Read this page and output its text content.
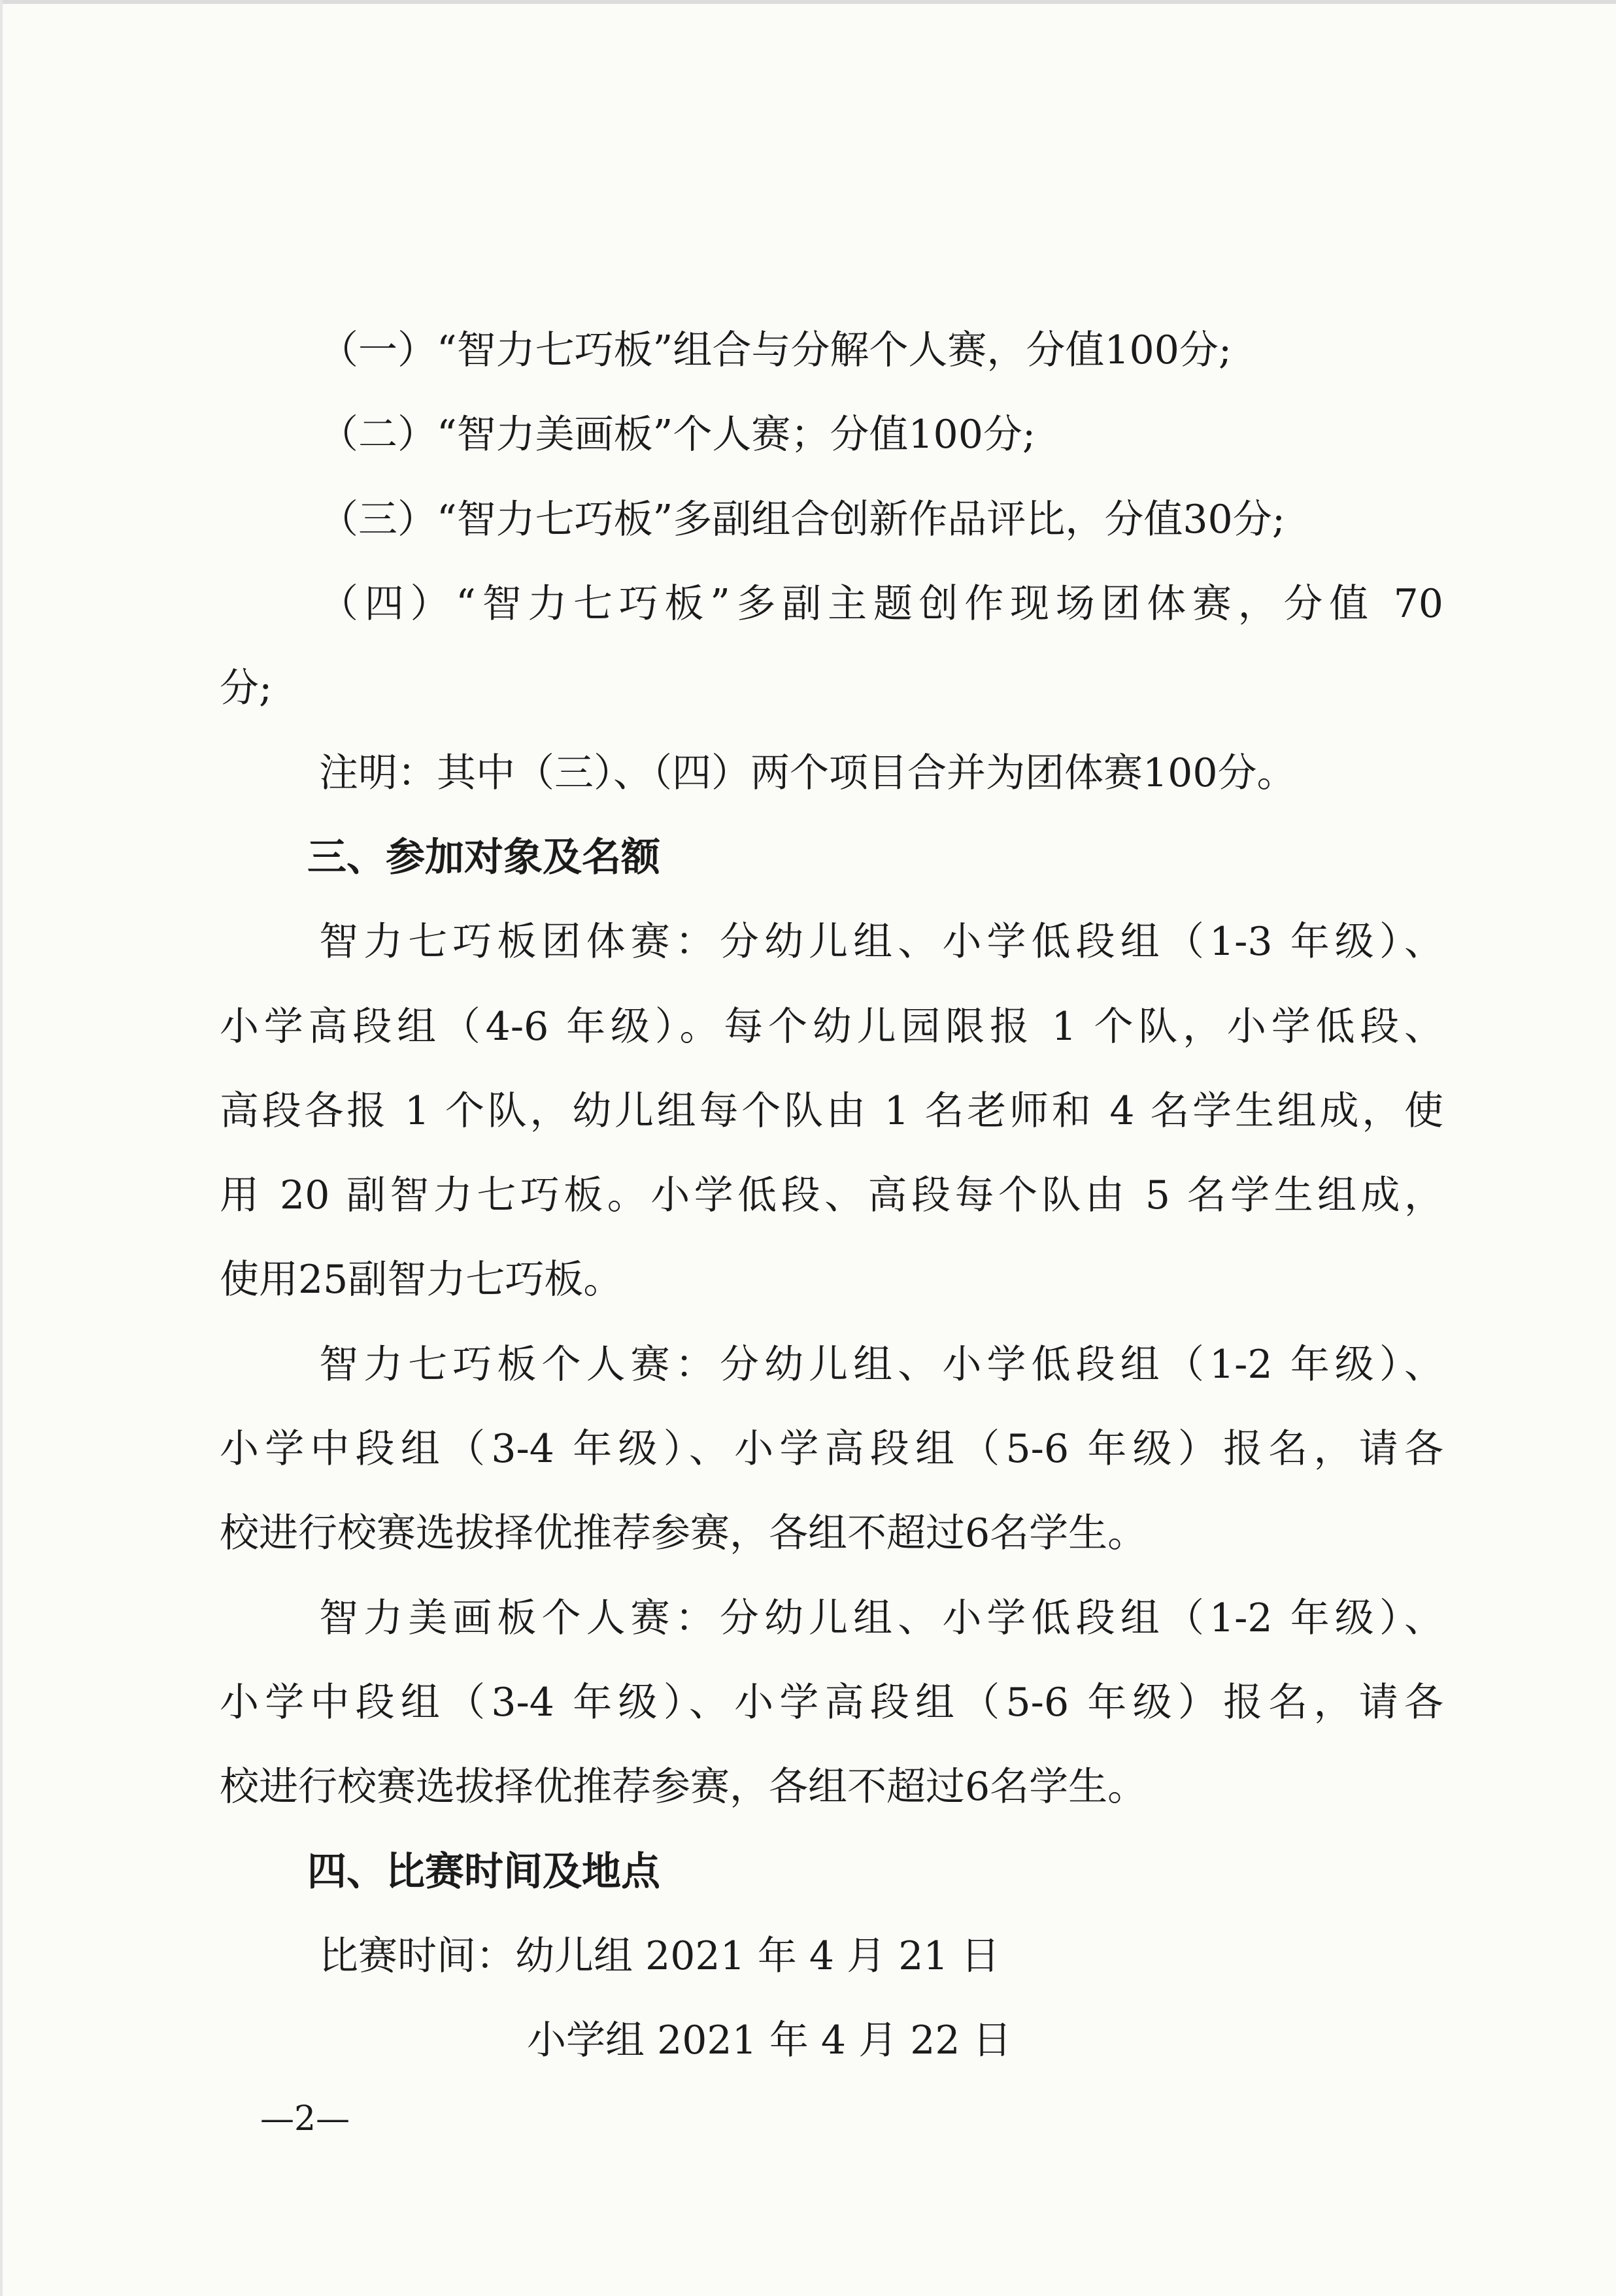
（一）“智力七巧板”组合与分解个人赛，分值100分;
（二）“智力美画板”个人赛；分值100分;
（三）“智力七巧板”多副组合创新作品评比，分值30分;
（四）“智力七巧板”多副主题创作现场团体赛，分值 70
分;
注明：其中（三）、（四）两个项目合并为团体赛100分。
三、参加对象及名额
智力七巧板团体赛：分幼儿组、小学低段组（1-3 年级）、
小学高段组（4-6 年级）。每个幼儿园限报 1 个队，小学低段、
高段各报 1 个队，幼儿组每个队由 1 名老师和 4 名学生组成，使
用 20 副智力七巧板。小学低段、高段每个队由 5 名学生组成，
使用25副智力七巧板。
智力七巧板个人赛：分幼儿组、小学低段组（1-2 年级）、
小学中段组（3-4 年级）、小学高段组（5-6 年级）报名，请各
校进行校赛选拔择优推荐参赛，各组不超过6名学生。
智力美画板个人赛：分幼儿组、小学低段组（1-2 年级）、
小学中段组（3-4 年级）、小学高段组（5-6 年级）报名，请各
校进行校赛选拔择优推荐参赛，各组不超过6名学生。
四、比赛时间及地点
比赛时间：幼儿组 2021 年 4 月 21 日
小学组 2021 年 4 月 22 日
—2—
